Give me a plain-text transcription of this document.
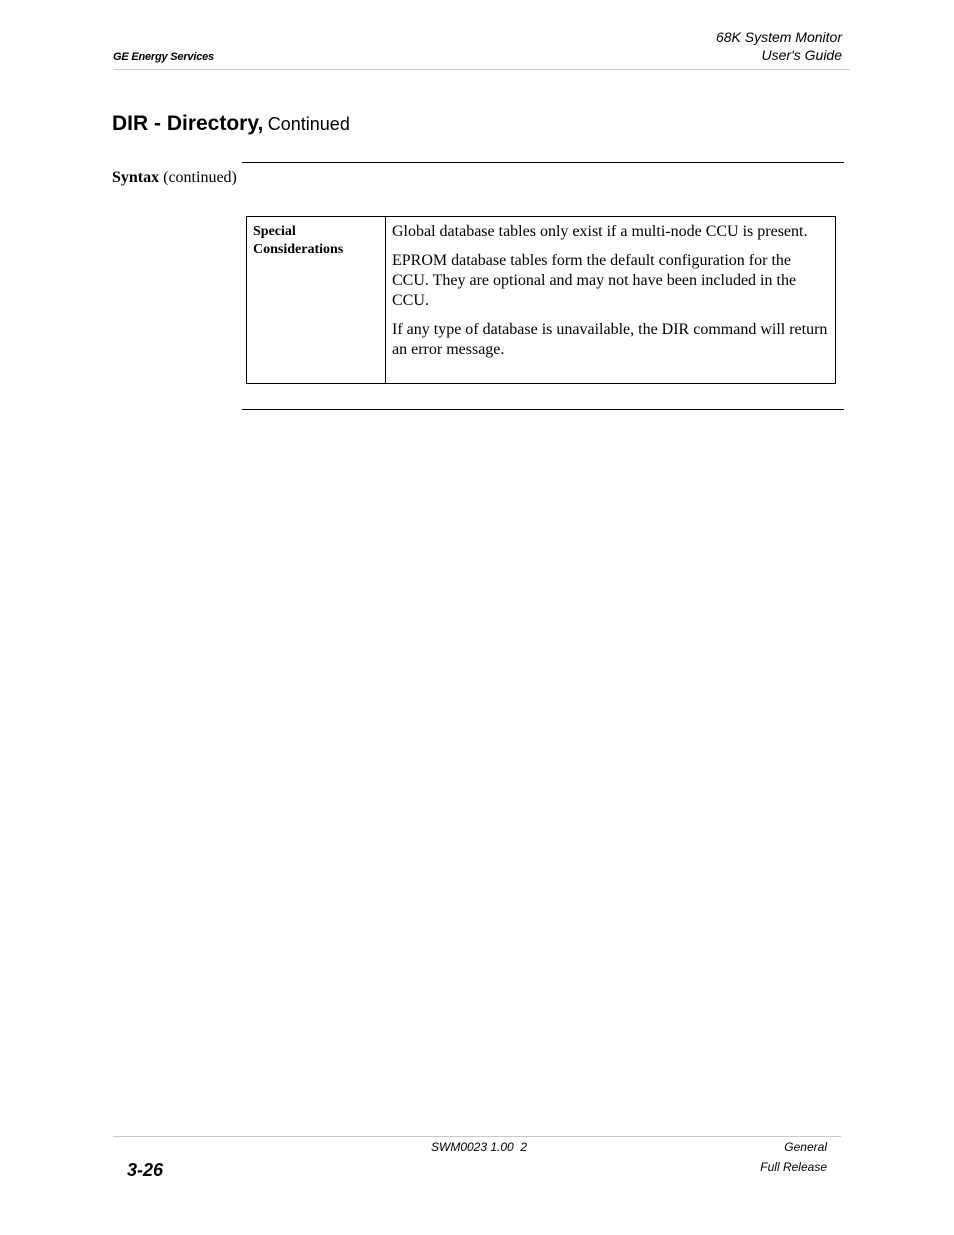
GE Energy Services
68K System Monitor
User's Guide
DIR - Directory, Continued
Syntax (continued)
Special
Considerations

Global database tables only exist if a multi-node CCU is present.

EPROM database tables form the default configuration for the CCU. They are optional and may not have been included in the CCU.

If any type of database is unavailable, the DIR command will return an error message.

SWM0023 1.00  2	General
Full Release
3-26
